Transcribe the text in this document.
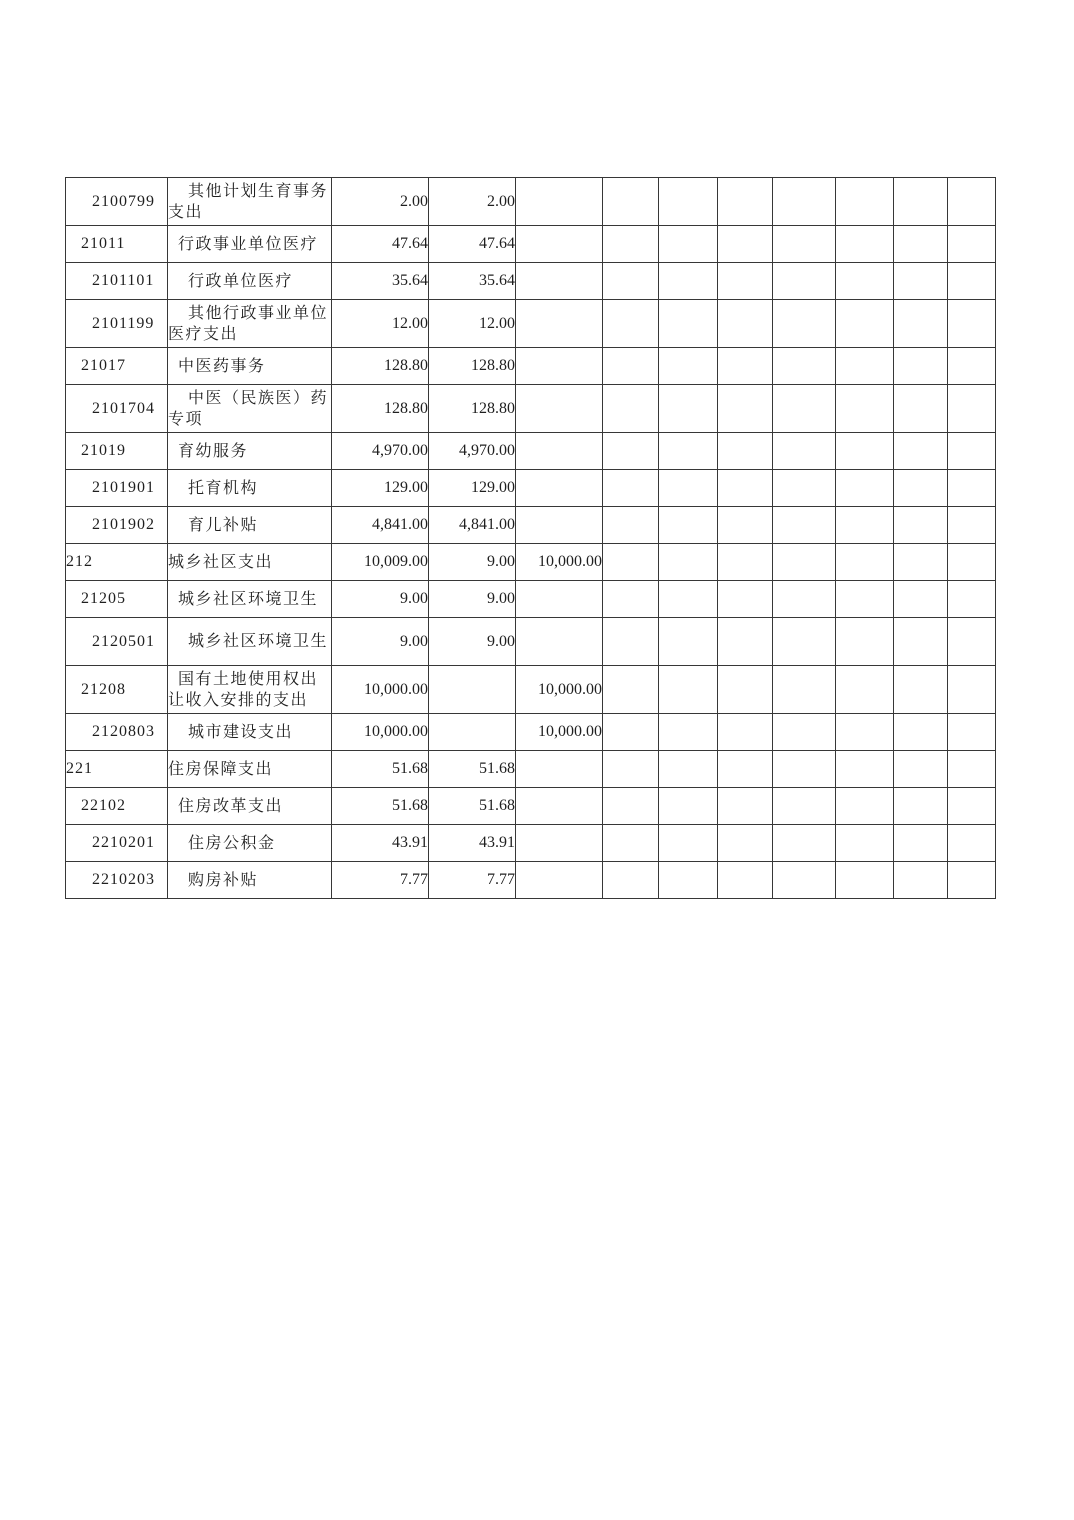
2100799	其他计划生育事务支出	2.00	2.00								
21011	行政事业单位医疗	47.64	47.64								
2101101	行政单位医疗	35.64	35.64								
2101199	其他行政事业单位医疗支出	12.00	12.00								
21017	中医药事务	128.80	128.80								
2101704	中医（民族医）药专项	128.80	128.80								
21019	育幼服务	4,970.00	4,970.00								
2101901	托育机构	129.00	129.00								
2101902	育儿补贴	4,841.00	4,841.00								
212	城乡社区支出	10,009.00	9.00	10,000.00							
21205	城乡社区环境卫生	9.00	9.00								
2120501	城乡社区环境卫生	9.00	9.00								
21208	国有土地使用权出让收入安排的支出	10,000.00		10,000.00							
2120803	城市建设支出	10,000.00		10,000.00							
221	住房保障支出	51.68	51.68								
22102	住房改革支出	51.68	51.68								
2210201	住房公积金	43.91	43.91								
2210203	购房补贴	7.77	7.77								
